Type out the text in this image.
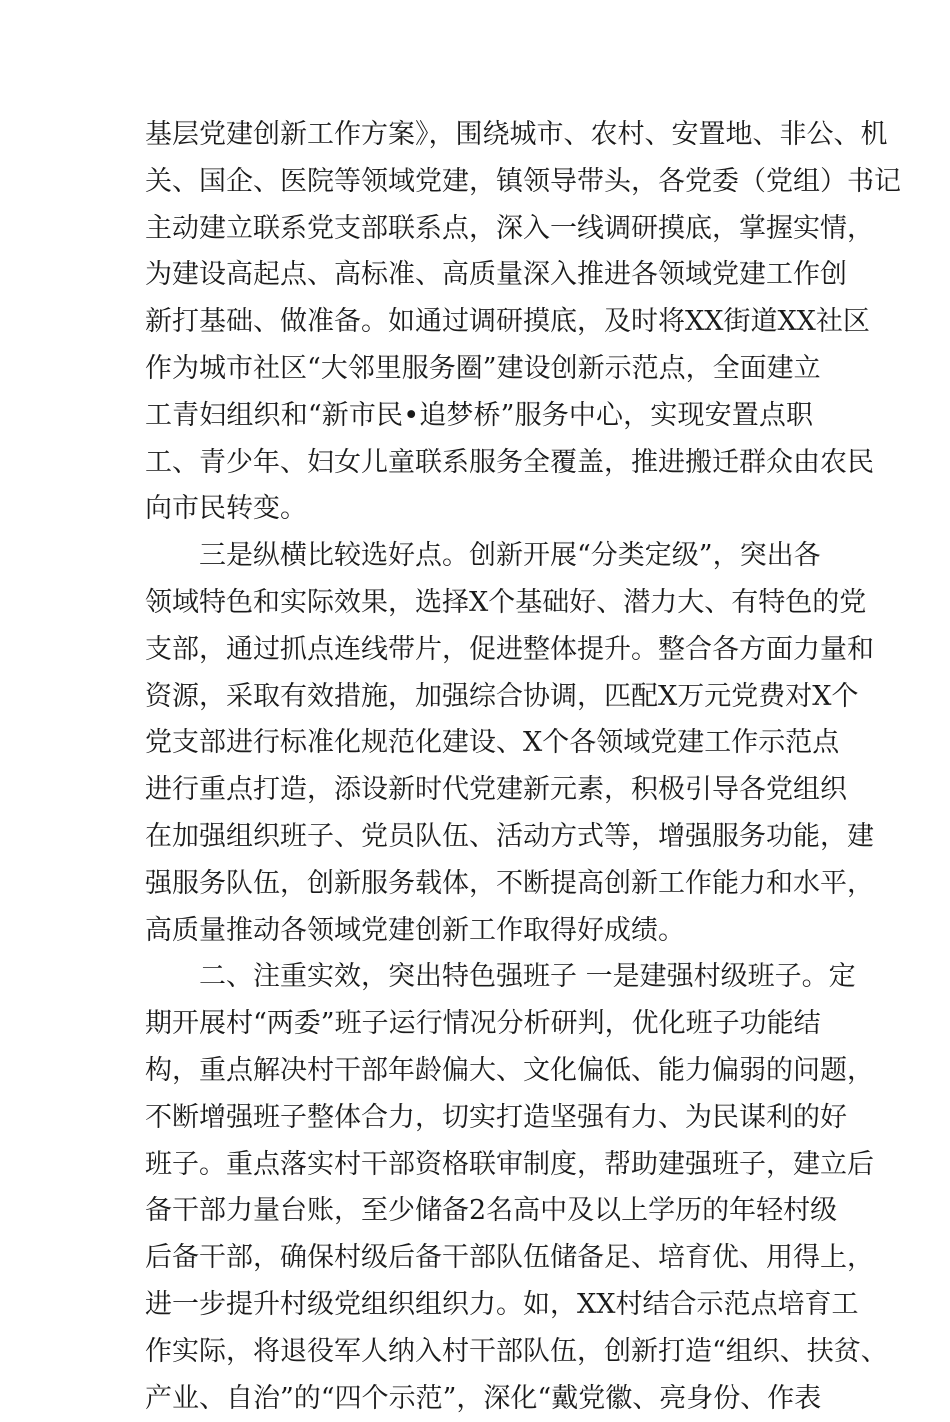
基层党建创新工作方案》，围绕城市、农村、安置地、非公、机
关、国企、医院等领域党建，镇领导带头，各党委（党组）书记
主动建立联系党支部联系点，深入一线调研摸底，掌握实情，
为建设高起点、高标准、高质量深入推进各领域党建工作创
新打基础、做准备。如通过调研摸底，及时将XX街道XX社区
作为城市社区“大邻里服务圈”建设创新示范点，全面建立
工青妇组织和“新市民•追梦桥”服务中心，实现安置点职
工、青少年、妇女儿童联系服务全覆盖，推进搬迁群众由农民
向市民转变。
三是纵横比较选好点。创新开展“分类定级”，突出各
领域特色和实际效果，选择X个基础好、潜力大、有特色的党
支部，通过抓点连线带片，促进整体提升。整合各方面力量和
资源，采取有效措施，加强综合协调，匹配X万元党费对X个
党支部进行标准化规范化建设、X个各领域党建工作示范点
进行重点打造，添设新时代党建新元素，积极引导各党组织
在加强组织班子、党员队伍、活动方式等，增强服务功能，建
强服务队伍，创新服务载体，不断提高创新工作能力和水平，
高质量推动各领域党建创新工作取得好成绩。
二、注重实效，突出特色强班子 一是建强村级班子。定
期开展村“两委”班子运行情况分析研判，优化班子功能结
构，重点解决村干部年龄偏大、文化偏低、能力偏弱的问题，
不断增强班子整体合力，切实打造坚强有力、为民谋利的好
班子。重点落实村干部资格联审制度，帮助建强班子，建立后
备干部力量台账，至少储备2名高中及以上学历的年轻村级
后备干部，确保村级后备干部队伍储备足、培育优、用得上，
进一步提升村级党组织组织力。如，XX村结合示范点培育工
作实际，将退役军人纳入村干部队伍，创新打造“组织、扶贫、
产业、自治”的“四个示范”，深化“戴党徽、亮身份、作表
